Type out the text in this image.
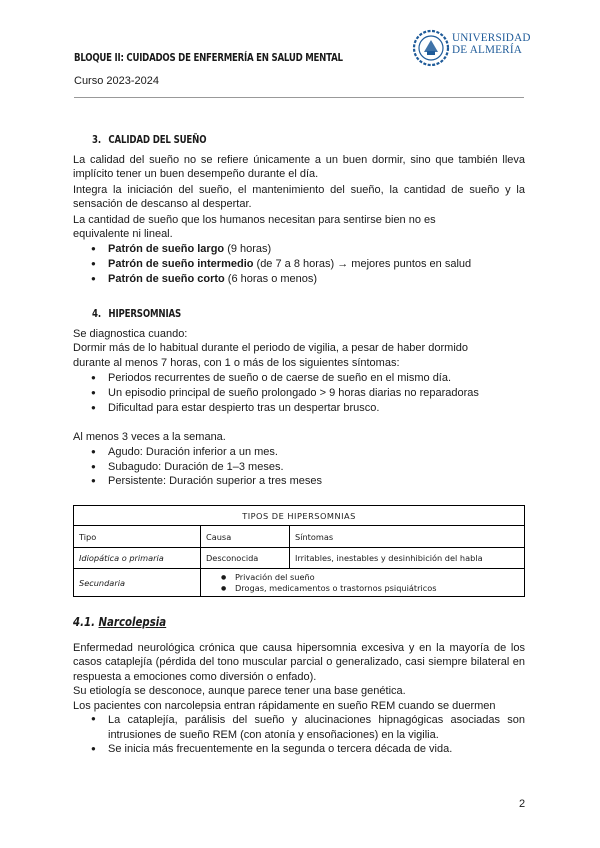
BLOQUE II: CUIDADOS DE ENFERMERÍA EN SALUD MENTAL
Curso 2023-2024
UNIVERSIDAD
DE ALMERÍA
3. CALIDAD DEL SUEÑO
La calidad del sueño no se refiere únicamente a un buen dormir, sino que también lleva
implícito tener un buen desempeño durante el día.
Integra la iniciación del sueño, el mantenimiento del sueño, la cantidad de sueño y la
sensación de descanso al despertar.
La cantidad de sueño que los humanos necesitan para sentirse bien no es
equivalente ni lineal.
● Patrón de sueño largo (9 horas)
● Patrón de sueño intermedio (de 7 a 8 horas) → mejores puntos en salud
● Patrón de sueño corto (6 horas o menos)
4. HIPERSOMNIAS
Se diagnostica cuando:
Dormir más de lo habitual durante el periodo de vigilia, a pesar de haber dormido
durante al menos 7 horas, con 1 o más de los siguientes síntomas:
● Periodos recurrentes de sueño o de caerse de sueño en el mismo día.
● Un episodio principal de sueño prolongado > 9 horas diarias no reparadoras
● Dificultad para estar despierto tras un despertar brusco.
Al menos 3 veces a la semana.
● Agudo: Duración inferior a un mes.
● Subagudo: Duración de 1–3 meses.
● Persistente: Duración superior a tres meses
TIPOS DE HIPERSOMNIAS		
Tipo	Causa	Síntomas
Idiopática o primaria	Desconocida	Irritables, inestables y desinhibición del habla
Secundaria	● Privación del sueño
● Drogas, medicamentos o trastornos psiquiátricos	
4.1. Narcolepsia
Enfermedad neurológica crónica que causa hipersomnia excesiva y en la mayoría de los
casos cataplejía (pérdida del tono muscular parcial o generalizado, casi siempre bilateral en
respuesta a emociones como diversión o enfado).
Su etiología se desconoce, aunque parece tener una base genética.
Los pacientes con narcolepsia entran rápidamente en sueño REM cuando se duermen
● La cataplejía, parálisis del sueño y alucinaciones hipnagógicas asociadas son
intrusiones de sueño REM (con atonía y ensoñaciones) en la vigilia.
● Se inicia más frecuentemente en la segunda o tercera década de vida.
2
